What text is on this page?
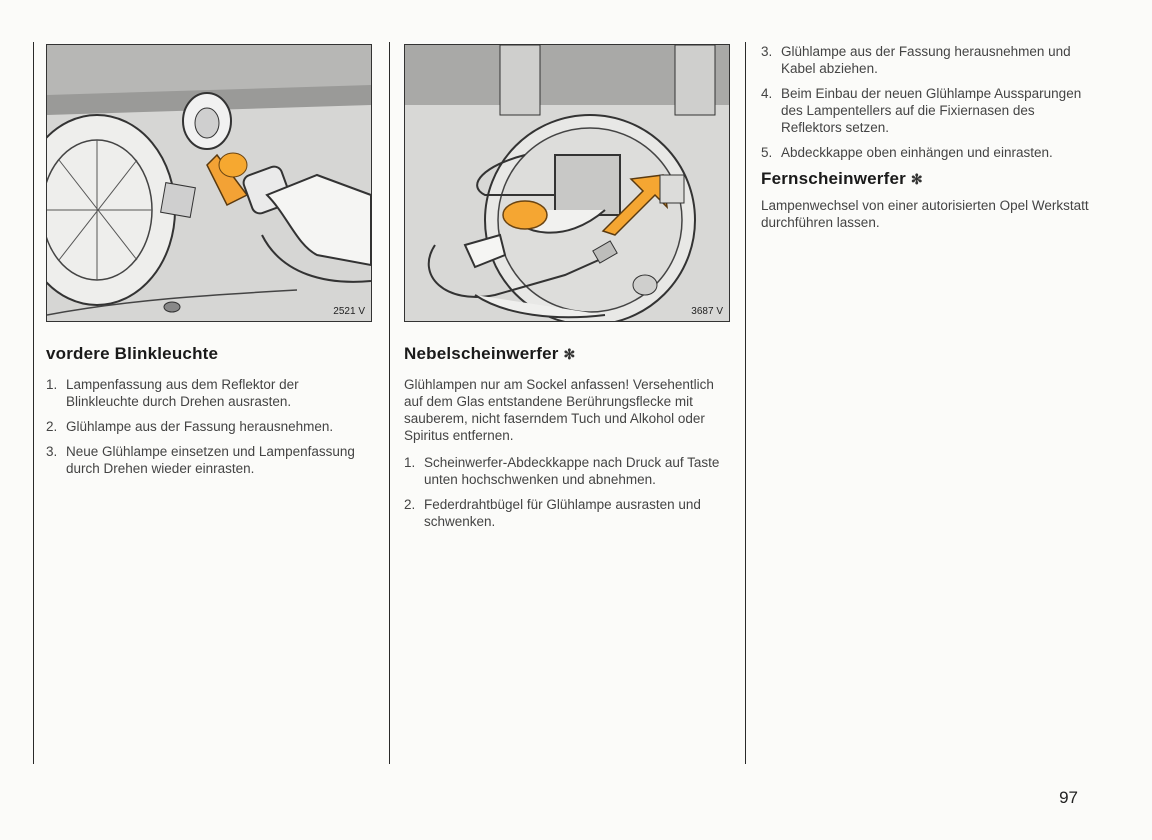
2521 V
vordere Blinkleuchte
1. Lampenfassung aus dem Reflektor der Blinkleuchte durch Drehen ausrasten.
2. Glühlampe aus der Fassung herausnehmen.
3. Neue Glühlampe einsetzen und Lampenfassung durch Drehen wieder einrasten.
3687 V
Nebelscheinwerfer ✻

Glühlampen nur am Sockel anfassen! Versehentlich auf dem Glas entstandene Berührungsflecke mit sauberem, nicht faserndem Tuch und Alkohol oder Spiritus entfernen.

1. Scheinwerfer-Abdeckkappe nach Druck auf Taste unten hochschwenken und abnehmen.
2. Federdrahtbügel für Glühlampe ausrasten und schwenken.
3. Glühlampe aus der Fassung herausnehmen und Kabel abziehen.
4. Beim Einbau der neuen Glühlampe Aussparungen des Lampentellers auf die Fixiernasen des Reflektors setzen.
5. Abdeckkappe oben einhängen und einrasten.
Fernscheinwerfer ✻

Lampenwechsel von einer autorisierten Opel Werkstatt durchführen lassen.

97
